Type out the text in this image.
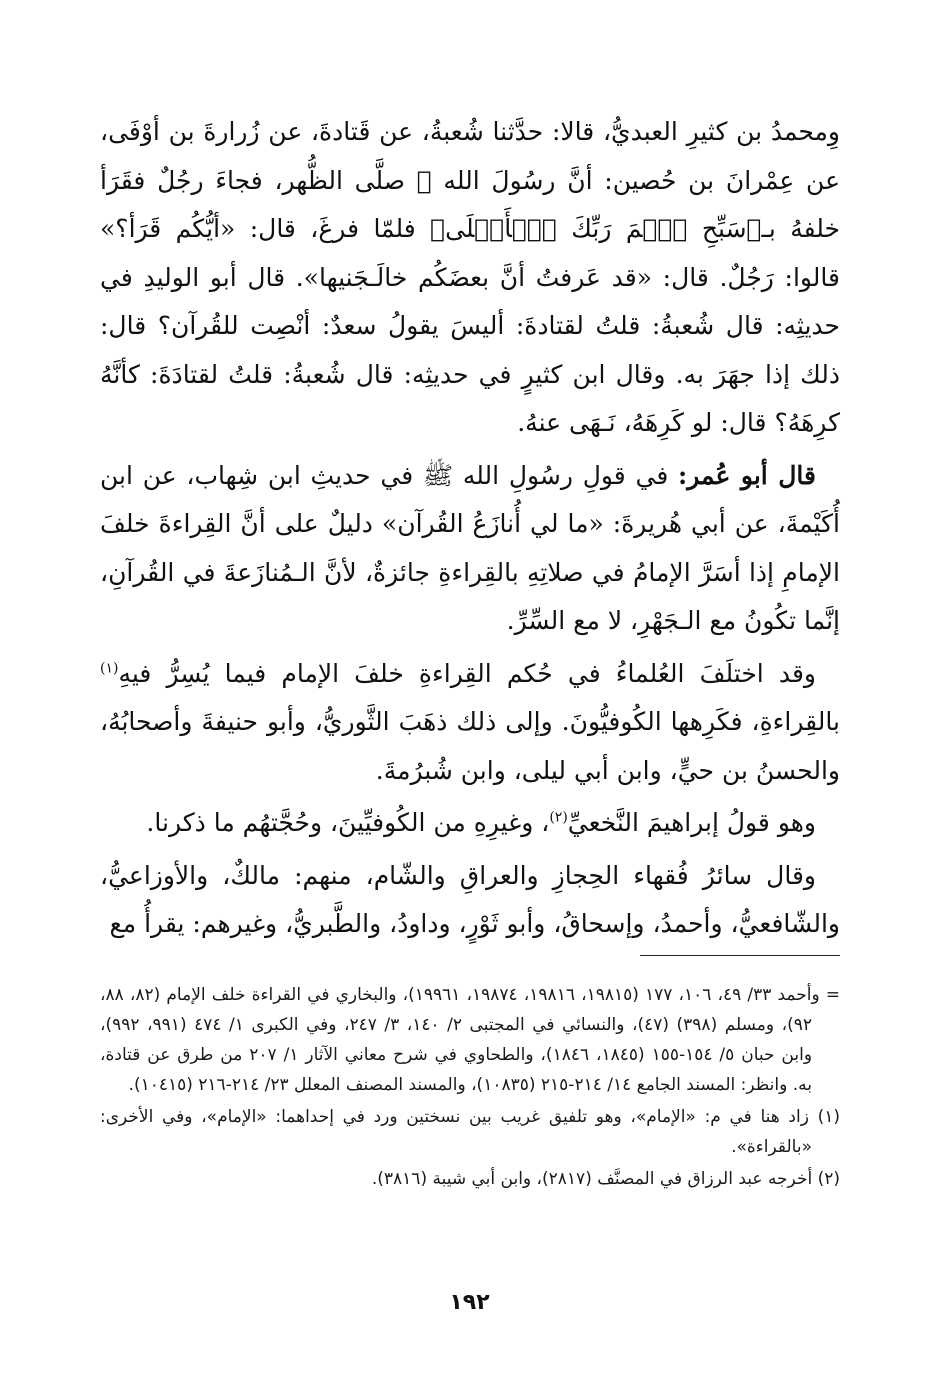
وِمحمدُ بن كثيرِ العبديُّ، قالا: حدَّثنا شُعبةُ، عن قَتادةَ، عن زُرارةَ بن أوْفَى، عن عِمْرانَ بن حُصين: أنَّ رسُولَ الله ﷺ صلَّى الظُّهر، فجاءَ رجُلٌ فقَرَأ خلفهُ بـ﴿سَبِّحِ ٱسۡمَ رَبِّكَ ٱلۡأَعۡلَى﴾ فلمّا فرغَ، قال: «أيُّكُم قَرَأ؟» قالوا: رَجُلٌ. قال: «قد عَرفتُ أنَّ بعضَكُم خالَـجَنيها». قال أبو الوليدِ في حديثِه: قال شُعبةُ: قلتُ لقتادةَ: أليسَ يقولُ سعدٌ: أنْصِت للقُرآن؟ قال: ذلك إذا جهَرَ به. وقال ابن كثيرٍ في حديثِه: قال شُعبةُ: قلتُ لقتادَةَ: كأنَّهُ كرِهَهُ؟ قال: لو كَرِهَهُ، نَـهَى عنهُ.

قال أبو عُمر: في قولِ رسُولِ الله ﷺ في حديثِ ابن شِهاب، عن ابن أُكَيْمةَ، عن أبي هُريرةَ: «ما لي أُنازَعُ القُرآن» دليلٌ على أنَّ القِراءةَ خلفَ الإمامِ إذا أسَرَّ الإمامُ في صلاتِهِ بالقِراءةِ جائزةٌ، لأنَّ الـمُنازَعةَ في القُرآنِ، إنَّما تكُونُ مع الـجَهْرِ، لا مع السِّرِّ.

وقد اختلَفَ العُلماءُ في حُكم القِراءةِ خلفَ الإمام فيما يُسِرُّ فيهِ$^{(١)}$ بالقِراءةِ، فكَرِهها الكُوفيُّونَ. وإلى ذلك ذهَبَ الثَّوريُّ، وأبو حنيفةَ وأصحابُهُ، والحسنُ بن حيٍّ، وابن أبي ليلى، وابن شُبرُمةَ.

وهو قولُ إبراهيمَ النَّخعيِّ$^{(٢)}$، وغيرِهِ من الكُوفيِّينَ، وحُجَّتهُم ما ذكرنا.

وقال سائرُ فُقهاء الحِجازِ والعراقِ والشّام، منهم: مالكٌ، والأوزاعيُّ، والشّافعيُّ، وأحمدُ، وإسحاقُ، وأبو ثَوْرٍ، وداودُ، والطَّبريُّ، وغيرهم: يقرأُ مع

= وأحمد ٣٣/ ٤٩، ١٠٦، ١٧٧ (١٩٨١٥، ١٩٨١٦، ١٩٨٧٤، ١٩٩٦١)، والبخاري في القراءة خلف الإمام (٨٢، ٨٨، ٩٢)، ومسلم (٣٩٨) (٤٧)، والنسائي في المجتبى ٢/ ١٤٠، ٣/ ٢٤٧، وفي الكبرى ١/ ٤٧٤ (٩٩١، ٩٩٢)، وابن حبان ٥/ ١٥٤-١٥٥ (١٨٤٥، ١٨٤٦)، والطحاوي في شرح معاني الآثار ١/ ٢٠٧ من طرق عن قتادة، به. وانظر: المسند الجامع ١٤/ ٢١٤-٢١٥ (١٠٨٣٥)، والمسند المصنف المعلل ٢٣/ ٢١٤-٢١٦ (١٠٤١٥).

(١) زاد هنا في م: «الإمام»، وهو تلفيق غريب بين نسختين ورد في إحداهما: «الإمام»، وفي الأخرى: «بالقراءة».

(٢) أخرجه عبد الرزاق في المصنَّف (٢٨١٧)، وابن أبي شيبة (٣٨١٦).

١٩٢
